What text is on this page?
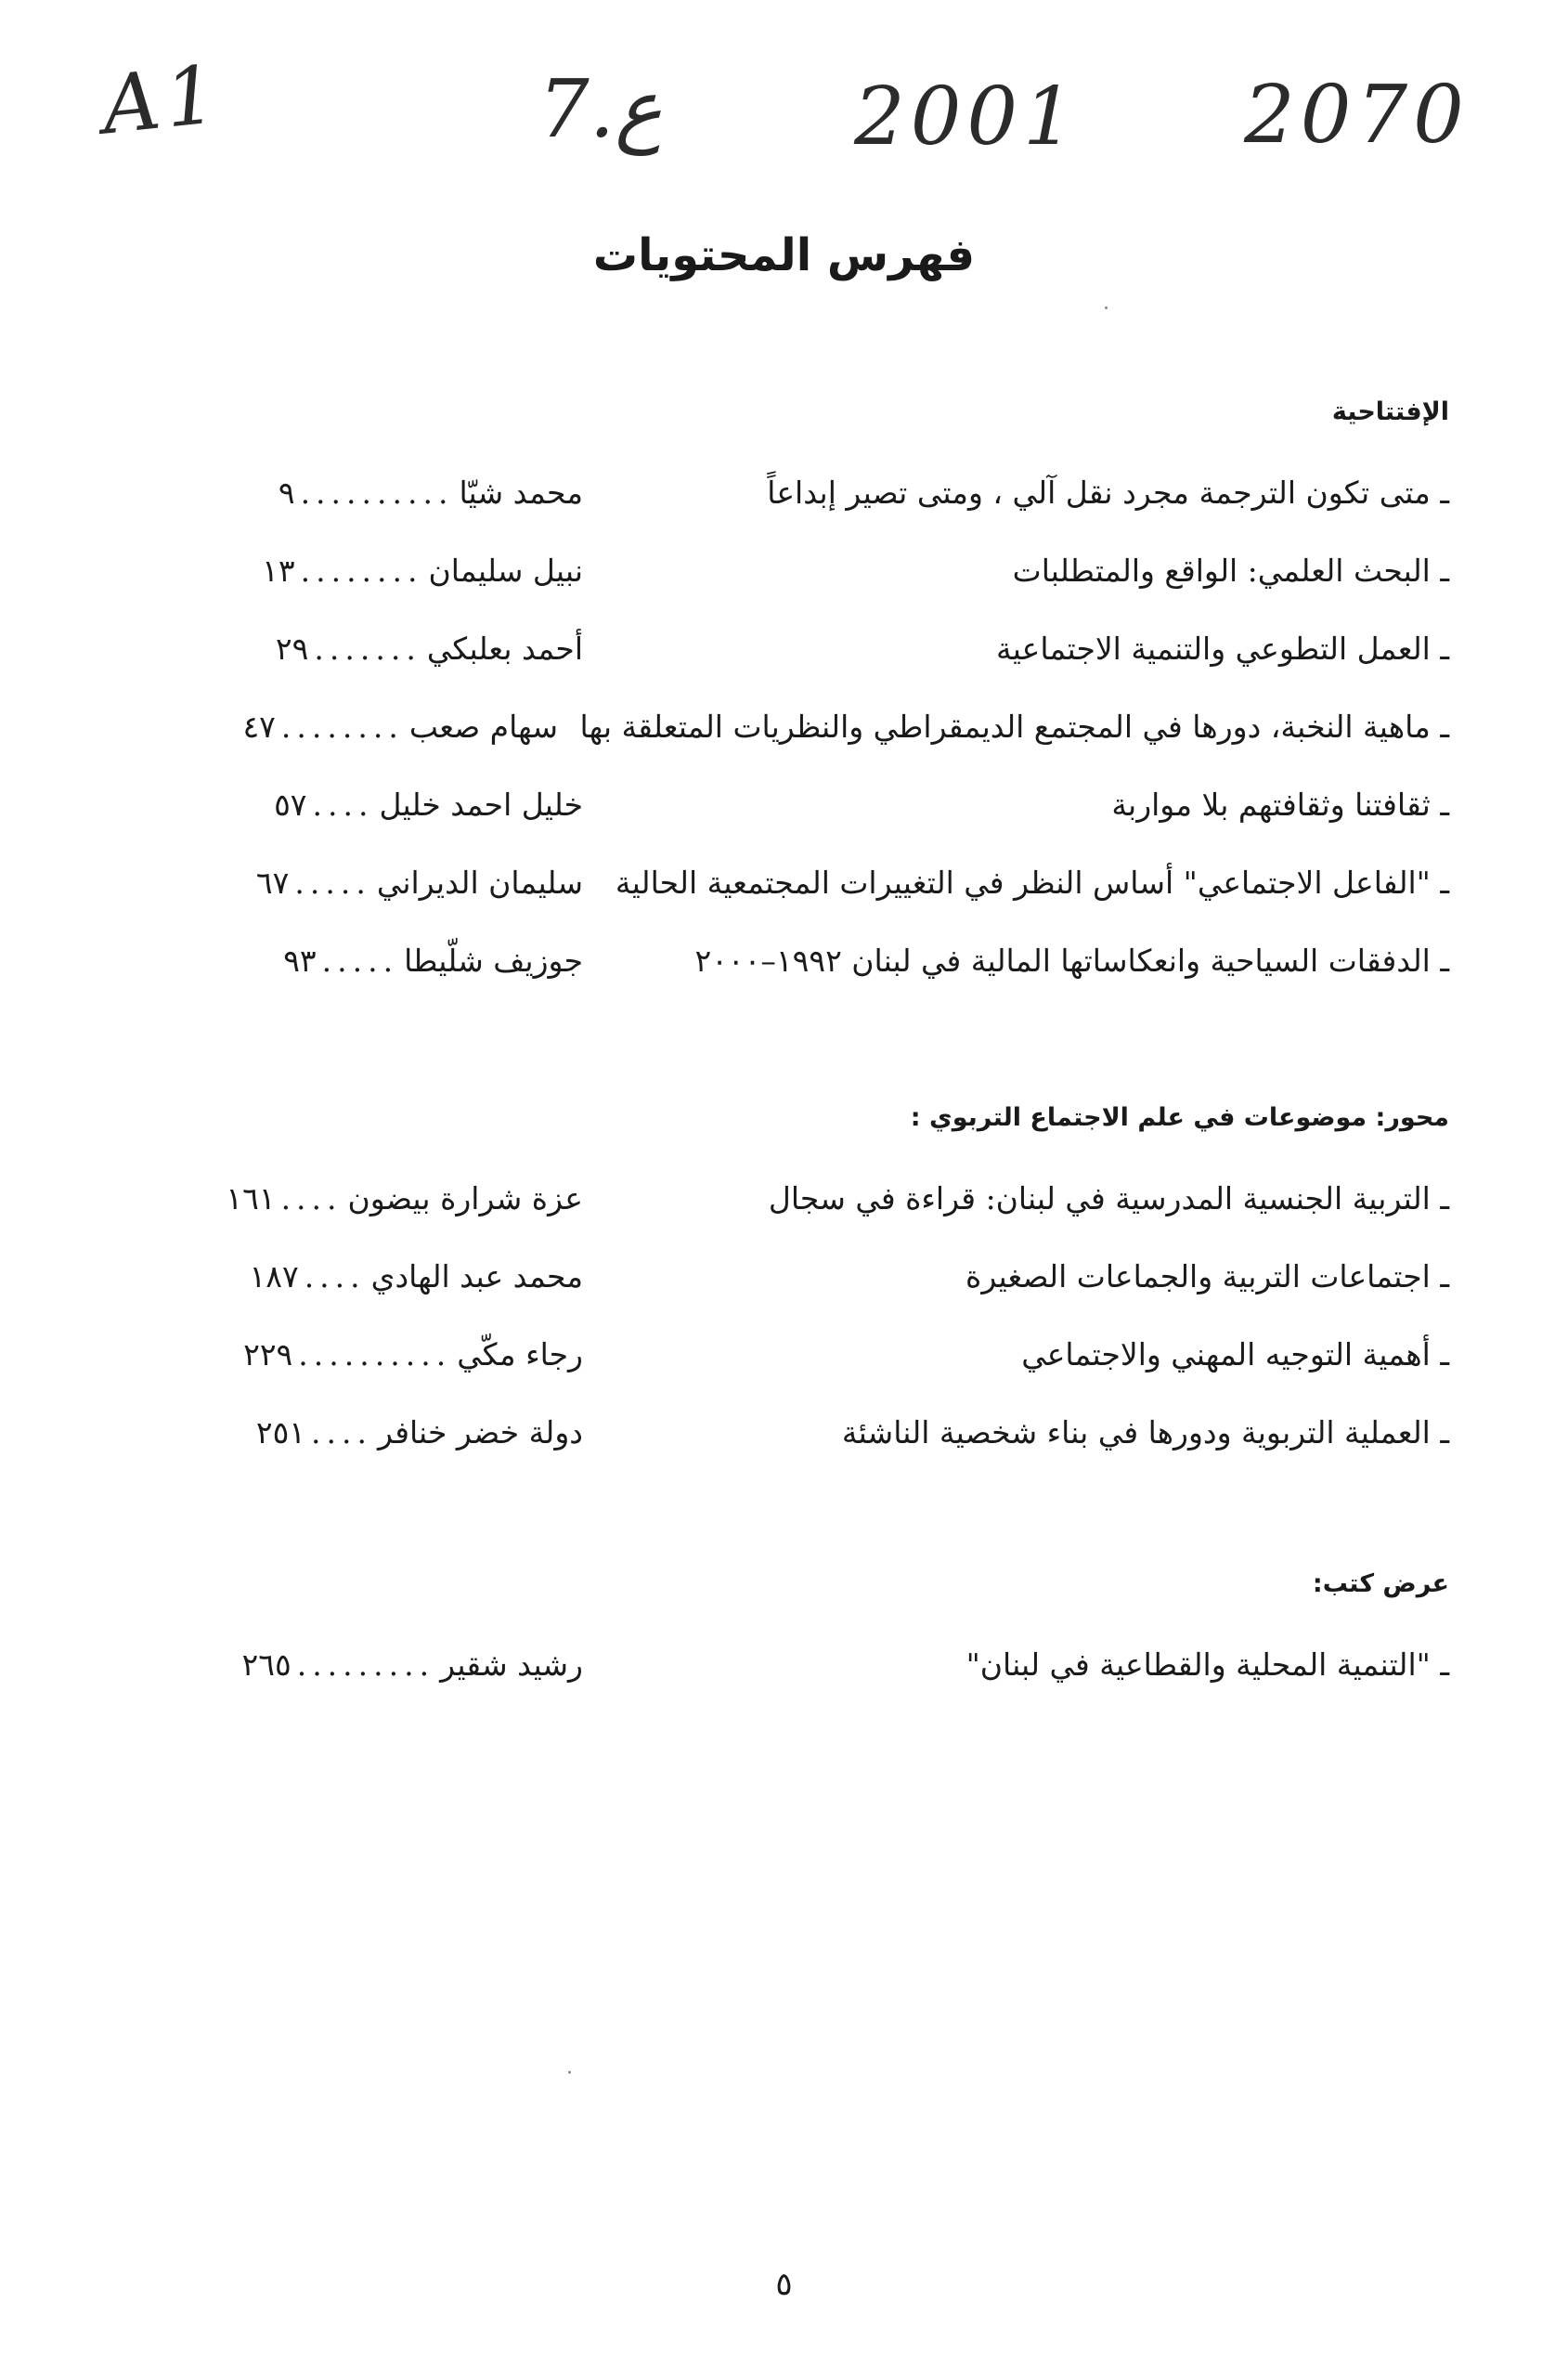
A1	7.ع 2001 2070
فهرس المحتويات
الإفتتاحية
ـ متى تكون الترجمة مجرد نقل آلي ، ومتى تصير إبداعاً
محمد شيّا..........٩
ـ البحث العلمي: الواقع والمتطلبات
نبيل سليمان........١٣
ـ العمل التطوعي والتنمية الاجتماعية
أحمد بعلبكي.......٢٩
ـ ماهية النخبة، دورها في المجتمع الديمقراطي والنظريات المتعلقة بها
سهام صعب........٤٧
ـ ثقافتنا وثقافتهم بلا مواربة
خليل احمد خليل....٥٧
ـ "الفاعل الاجتماعي" أساس النظر في التغييرات المجتمعية الحالية
سليمان الديراني.....٦٧
ـ الدفقات السياحية وانعكاساتها المالية في لبنان ١٩٩٢–٢٠٠٠
جوزيف شلّيطا.....٩٣
محور: موضوعات في علم الاجتماع التربوي :
ـ التربية الجنسية المدرسية في لبنان: قراءة في سجال
عزة شرارة بيضون....١٦١
ـ اجتماعات التربية والجماعات الصغيرة
محمد عبد الهادي....١٨٧
ـ أهمية التوجيه المهني والاجتماعي
رجاء مكّي..........٢٢٩
ـ العملية التربوية ودورها في بناء شخصية الناشئة
دولة خضر خنافر....٢٥١
عرض كتب:
ـ "التنمية المحلية والقطاعية في لبنان"
رشيد شقير.........٢٦٥
٥
